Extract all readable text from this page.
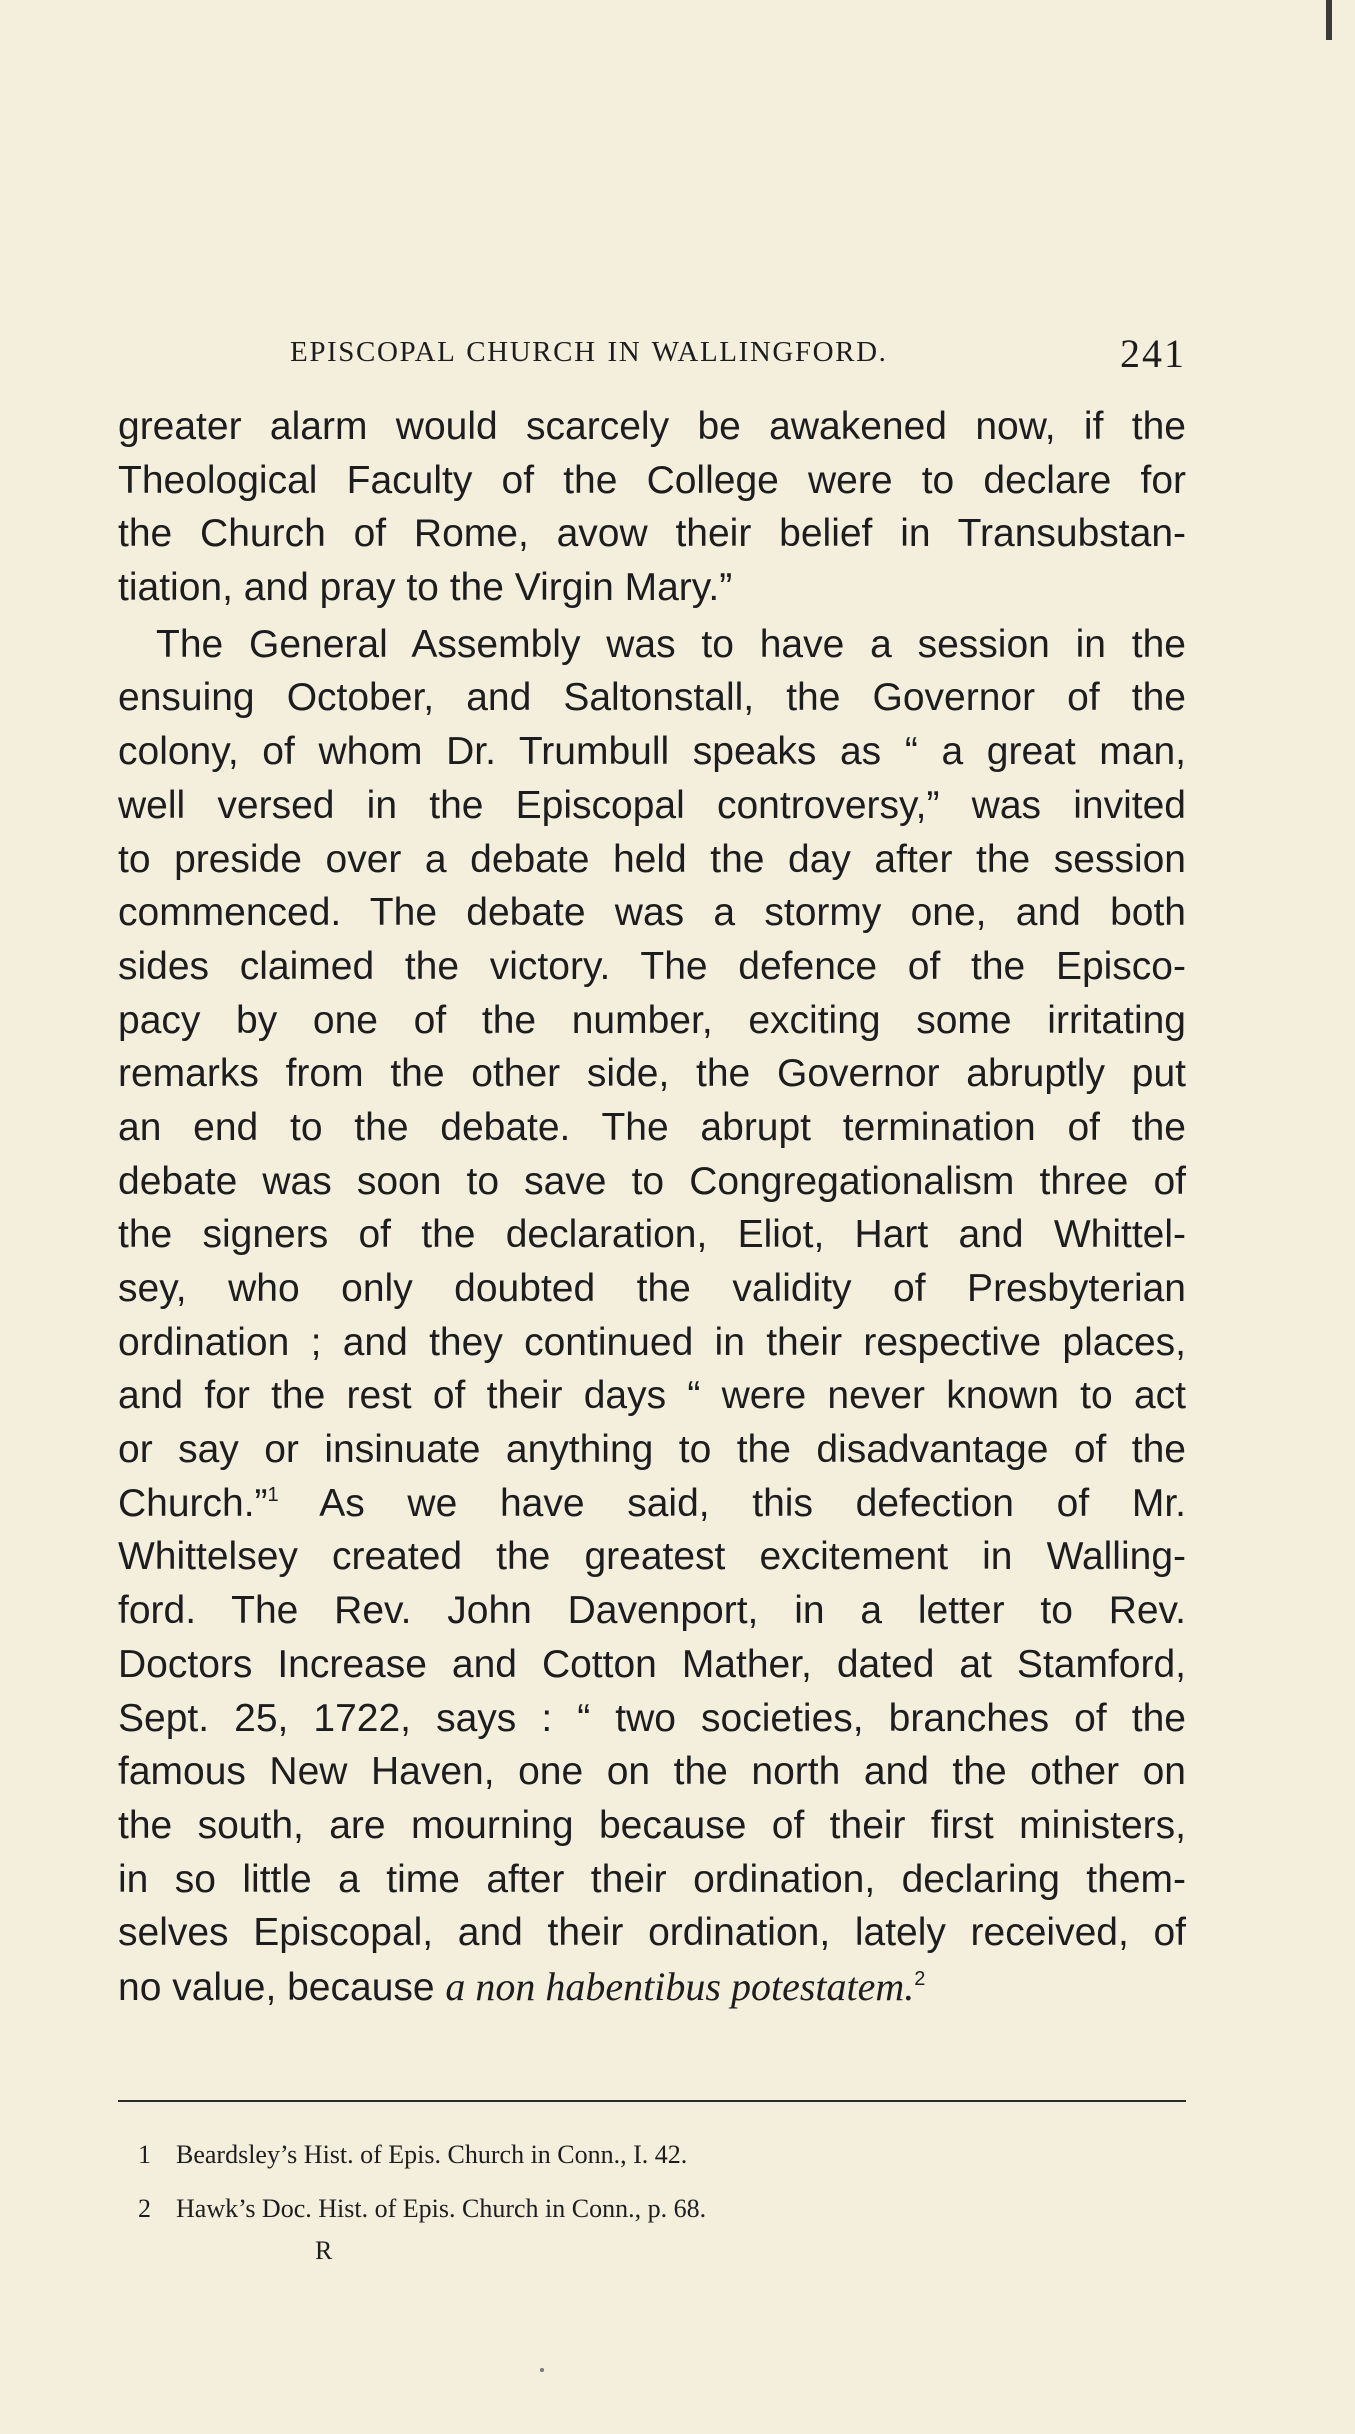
EPISCOPAL CHURCH IN WALLINGFORD.	241
greater alarm would scarcely be awakened now, if the
Theological Faculty of the College were to declare for
the Church of Rome, avow their belief in Transubstan-
tiation, and pray to the Virgin Mary.”
The General Assembly was to have a session in the
ensuing October, and Saltonstall, the Governor of the
colony, of whom Dr. Trumbull speaks as “ a great man,
well versed in the Episcopal controversy,” was invited
to preside over a debate held the day after the session
commenced. The debate was a stormy one, and both
sides claimed the victory. The defence of the Episco-
pacy by one of the number, exciting some irritating
remarks from the other side, the Governor abruptly put
an end to the debate. The abrupt termination of the
debate was soon to save to Congregationalism three of
the signers of the declaration, Eliot, Hart and Whittel-
sey, who only doubted the validity of Presbyterian
ordination ; and they continued in their respective places,
and for the rest of their days “ were never known to act
or say or insinuate anything to the disadvantage of the
Church.”$^1$ As we have said, this defection of Mr.
Whittelsey created the greatest excitement in Walling-
ford. The Rev. John Davenport, in a letter to Rev.
Doctors Increase and Cotton Mather, dated at Stamford,
Sept. 25, 1722, says : “ two societies, branches of the
famous New Haven, one on the north and the other on
the south, are mourning because of their first ministers,
in so little a time after their ordination, declaring them-
selves Episcopal, and their ordination, lately received, of
no value, because a non habentibus potestatem.$^2$
1 Beardsley’s Hist. of Epis. Church in Conn., I. 42.
2 Hawk’s Doc. Hist. of Epis. Church in Conn., p. 68.
R
